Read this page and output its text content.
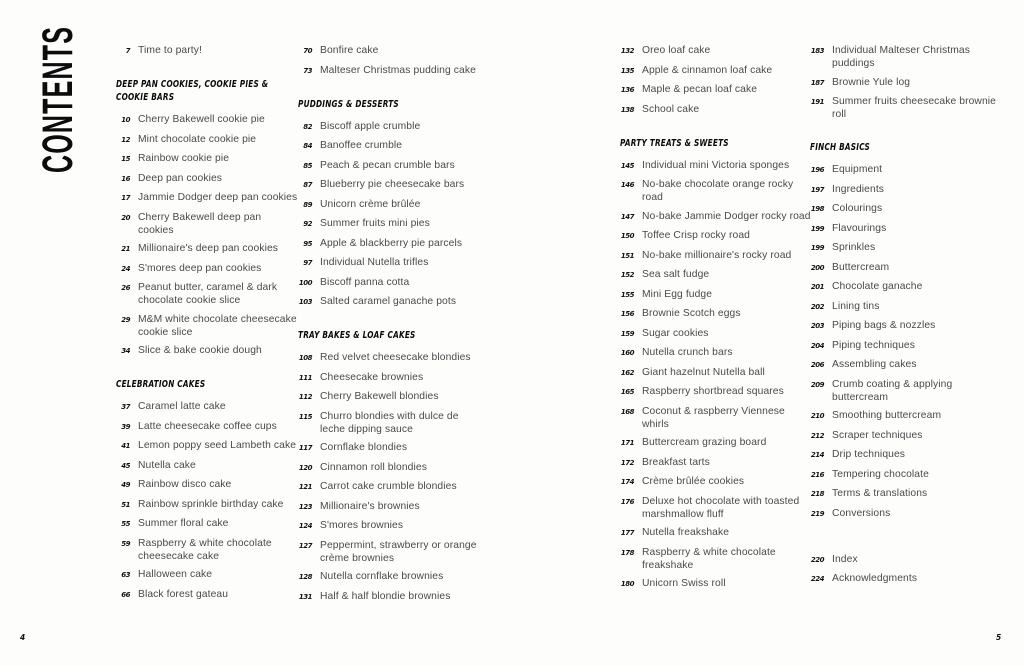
CONTENTS	7 Time to party!
DEEP PAN COOKIES, COOKIE PIES & COOKIE BARS
10 Cherry Bakewell cookie pie
12 Mint chocolate cookie pie
15 Rainbow cookie pie
16 Deep pan cookies
17 Jammie Dodger deep pan cookies
20 Cherry Bakewell deep pan cookies
21 Millionaire's deep pan cookies
24 S'mores deep pan cookies
26 Peanut butter, caramel & dark chocolate cookie slice
29 M&M white chocolate cheesecake cookie slice
34 Slice & bake cookie dough
CELEBRATION CAKES
37 Caramel latte cake
39 Latte cheesecake coffee cups
41 Lemon poppy seed Lambeth cake
45 Nutella cake
49 Rainbow disco cake
51 Rainbow sprinkle birthday cake
55 Summer floral cake
59 Raspberry & white chocolate cheesecake cake
63 Halloween cake
66 Black forest gateau
70 Bonfire cake
73 Malteser Christmas pudding cake
PUDDINGS & DESSERTS
82 Biscoff apple crumble
84 Banoffee crumble
85 Peach & pecan crumble bars
87 Blueberry pie cheesecake bars
89 Unicorn crème brûlée
92 Summer fruits mini pies
95 Apple & blackberry pie parcels
97 Individual Nutella trifles
100 Biscoff panna cotta
103 Salted caramel ganache pots
TRAY BAKES & LOAF CAKES
108 Red velvet cheesecake blondies
111 Cheesecake brownies
112 Cherry Bakewell blondies
115 Churro blondies with dulce de leche dipping sauce
117 Cornflake blondies
120 Cinnamon roll blondies
121 Carrot cake crumble blondies
123 Millionaire's brownies
124 S'mores brownies
127 Peppermint, strawberry or orange crème brownies
128 Nutella cornflake brownies
131 Half & half blondie brownies
132 Oreo loaf cake
135 Apple & cinnamon loaf cake
136 Maple & pecan loaf cake
138 School cake
PARTY TREATS & SWEETS
145 Individual mini Victoria sponges
146 No-bake chocolate orange rocky road
147 No-bake Jammie Dodger rocky road
150 Toffee Crisp rocky road
151 No-bake millionaire's rocky road
152 Sea salt fudge
155 Mini Egg fudge
156 Brownie Scotch eggs
159 Sugar cookies
160 Nutella crunch bars
162 Giant hazelnut Nutella ball
165 Raspberry shortbread squares
168 Coconut & raspberry Viennese whirls
171 Buttercream grazing board
172 Breakfast tarts
174 Crème brûlée cookies
176 Deluxe hot chocolate with toasted marshmallow fluff
177 Nutella freakshake
178 Raspberry & white chocolate freakshake
180 Unicorn Swiss roll
183 Individual Malteser Christmas puddings
187 Brownie Yule log
191 Summer fruits cheesecake brownie roll
FINCH BASICS
196 Equipment
197 Ingredients
198 Colourings
199 Flavourings
199 Sprinkles
200 Buttercream
201 Chocolate ganache
202 Lining tins
203 Piping bags & nozzles
204 Piping techniques
206 Assembling cakes
209 Crumb coating & applying buttercream
210 Smoothing buttercream
212 Scraper techniques
214 Drip techniques
216 Tempering chocolate
218 Terms & translations
219 Conversions
220 Index
224 Acknowledgments
4	5
